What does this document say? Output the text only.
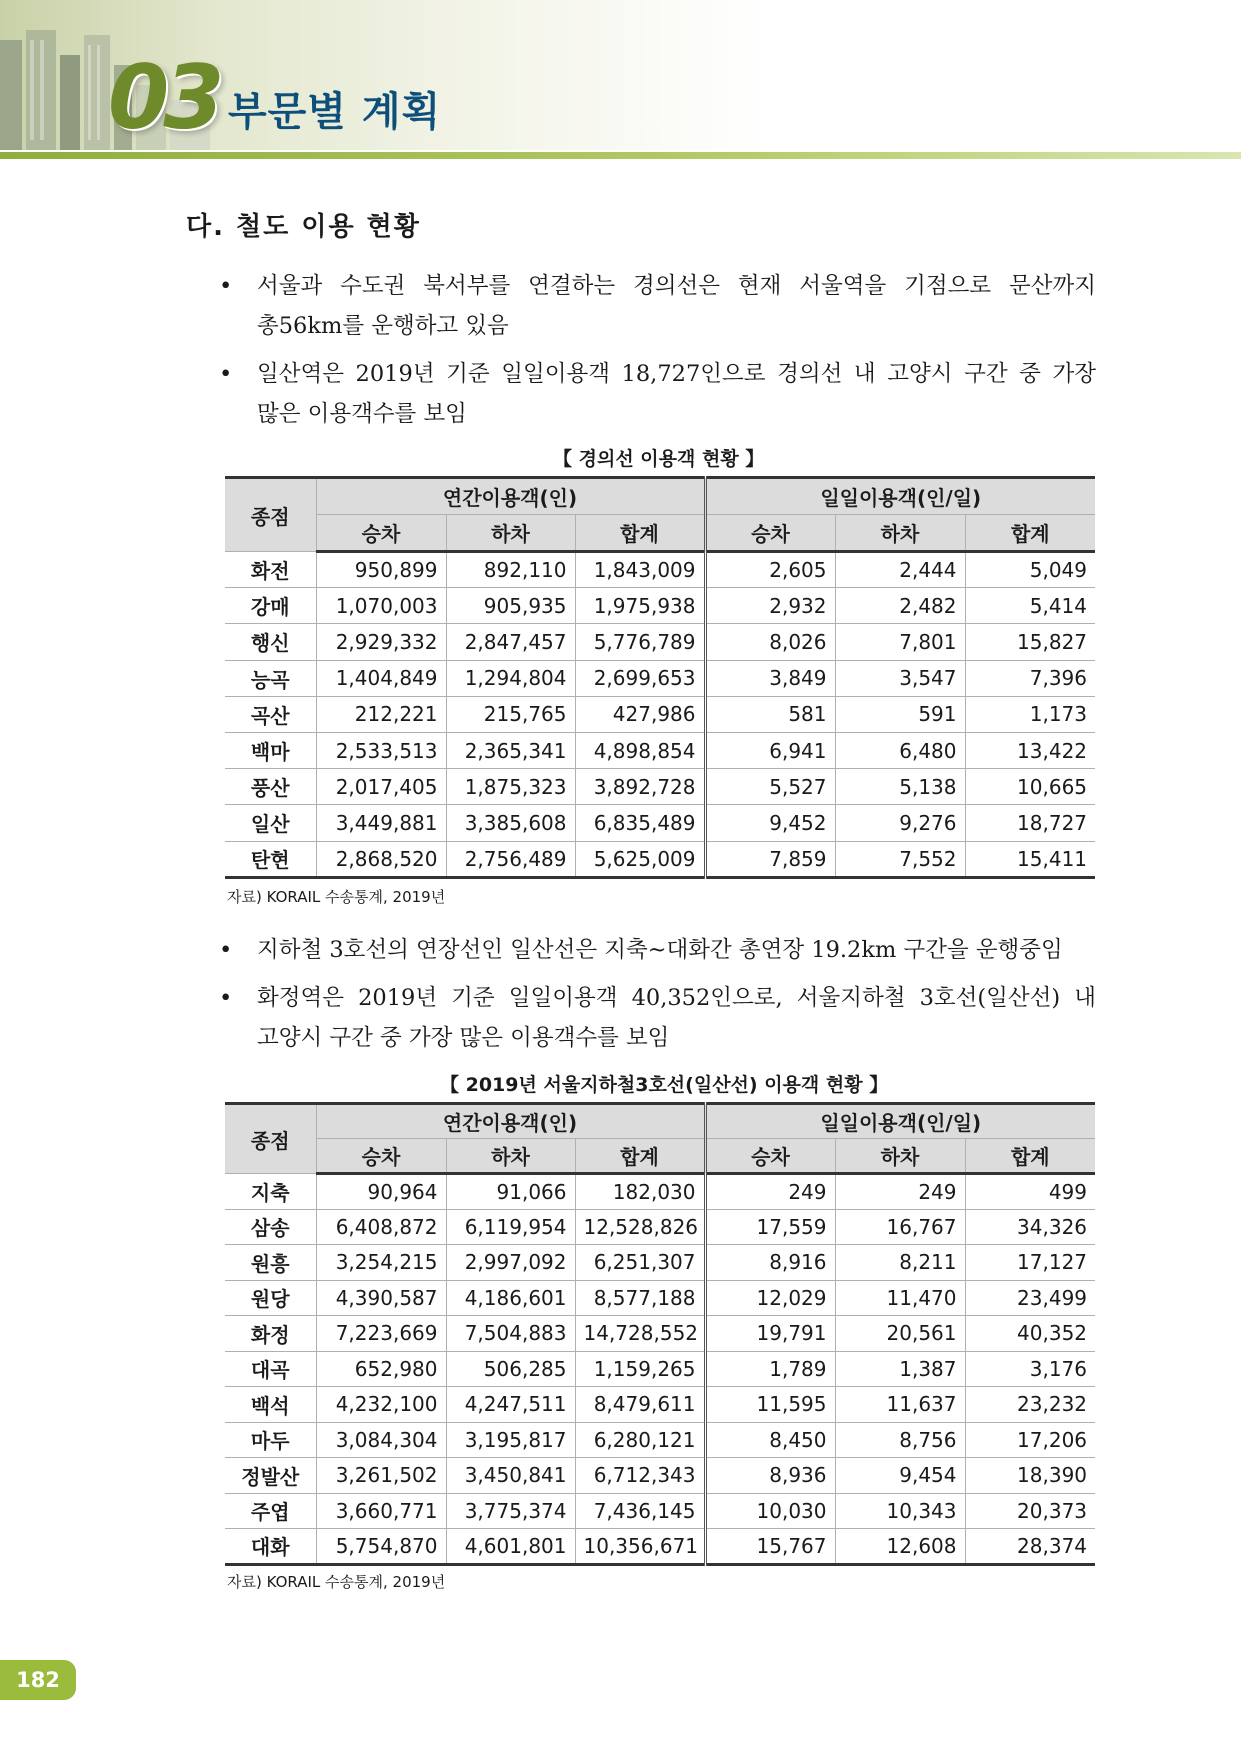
03 부문별 계획
다. 철도 이용 현황
•	서울과 수도권 북서부를 연결하는 경의선은 현재 서울역을 기점으로 문산까지
총56km를 운행하고 있음
•	일산역은 2019년 기준 일일이용객 18,727인으로 경의선 내 고양시 구간 중 가장
많은 이용객수를 보임
【 경의선 이용객 현황 】
종점	연간이용객(인)			일일이용객(인/일)		
	승차	하차	합계	승차	하차	합계
화전	950,899	892,110	1,843,009	2,605	2,444	5,049
강매	1,070,003	905,935	1,975,938	2,932	2,482	5,414
행신	2,929,332	2,847,457	5,776,789	8,026	7,801	15,827
능곡	1,404,849	1,294,804	2,699,653	3,849	3,547	7,396
곡산	212,221	215,765	427,986	581	591	1,173
백마	2,533,513	2,365,341	4,898,854	6,941	6,480	13,422
풍산	2,017,405	1,875,323	3,892,728	5,527	5,138	10,665
일산	3,449,881	3,385,608	6,835,489	9,452	9,276	18,727
탄현	2,868,520	2,756,489	5,625,009	7,859	7,552	15,411
자료) KORAIL 수송통계, 2019년
•	지하철 3호선의 연장선인 일산선은 지축~대화간 총연장 19.2km 구간을 운행중임
•	화정역은 2019년 기준 일일이용객 40,352인으로, 서울지하철 3호선(일산선) 내
고양시 구간 중 가장 많은 이용객수를 보임
【 2019년 서울지하철3호선(일산선) 이용객 현황 】
종점	연간이용객(인)			일일이용객(인/일)		
	승차	하차	합계	승차	하차	합계
지축	90,964	91,066	182,030	249	249	499
삼송	6,408,872	6,119,954	12,528,826	17,559	16,767	34,326
원흥	3,254,215	2,997,092	6,251,307	8,916	8,211	17,127
원당	4,390,587	4,186,601	8,577,188	12,029	11,470	23,499
화정	7,223,669	7,504,883	14,728,552	19,791	20,561	40,352
대곡	652,980	506,285	1,159,265	1,789	1,387	3,176
백석	4,232,100	4,247,511	8,479,611	11,595	11,637	23,232
마두	3,084,304	3,195,817	6,280,121	8,450	8,756	17,206
정발산	3,261,502	3,450,841	6,712,343	8,936	9,454	18,390
주엽	3,660,771	3,775,374	7,436,145	10,030	10,343	20,373
대화	5,754,870	4,601,801	10,356,671	15,767	12,608	28,374
자료) KORAIL 수송통계, 2019년
182
